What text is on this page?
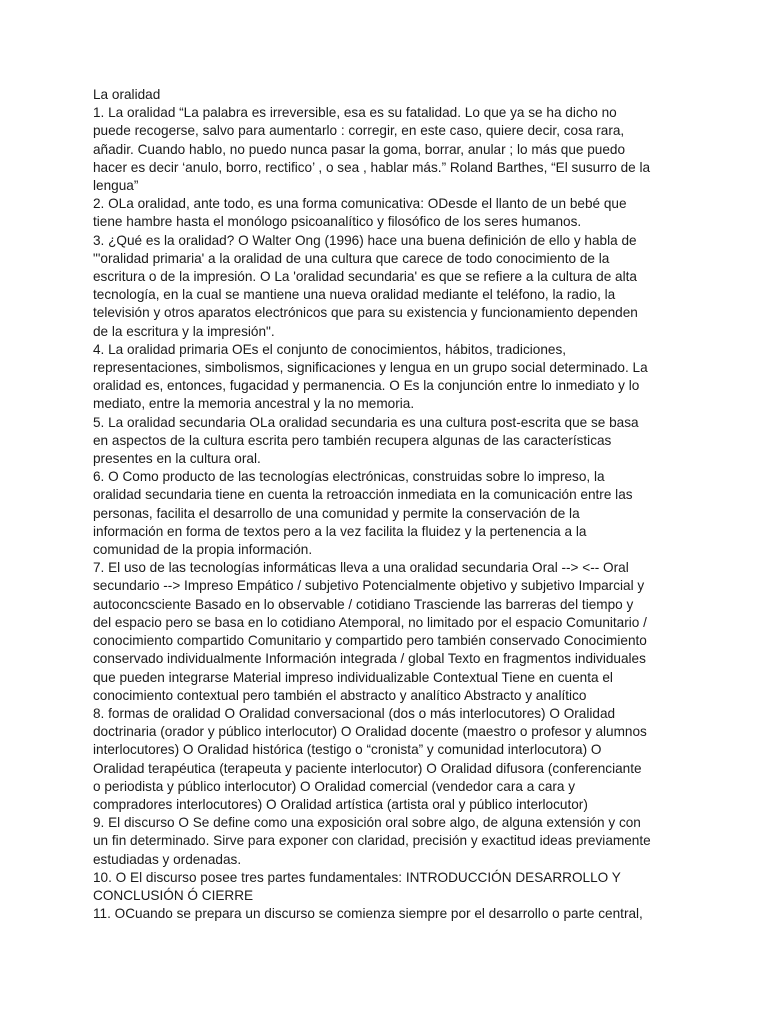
La oralidad

1. La oralidad “La palabra es irreversible, esa es su fatalidad. Lo que ya se ha dicho no
puede recogerse, salvo para aumentarlo : corregir, en este caso, quiere decir, cosa rara,
añadir. Cuando hablo, no puedo nunca pasar la goma, borrar, anular ; lo más que puedo
hacer es decir ‘anulo, borro, rectifico’ , o sea , hablar más.” Roland Barthes, “El susurro de la
lengua”

2. OLa oralidad, ante todo, es una forma comunicativa: ODesde el llanto de un bebé que
tiene hambre hasta el monólogo psicoanalítico y filosófico de los seres humanos.

3. ¿Qué es la oralidad? O Walter Ong (1996) hace una buena definición de ello y habla de
"'oralidad primaria' a la oralidad de una cultura que carece de todo conocimiento de la
escritura o de la impresión. O La 'oralidad secundaria' es que se refiere a la cultura de alta
tecnología, en la cual se mantiene una nueva oralidad mediante el teléfono, la radio, la
televisión y otros aparatos electrónicos que para su existencia y funcionamiento dependen
de la escritura y la impresión".

4. La oralidad primaria OEs el conjunto de conocimientos, hábitos, tradiciones,
representaciones, simbolismos, significaciones y lengua en un grupo social determinado. La
oralidad es, entonces, fugacidad y permanencia. O Es la conjunción entre lo inmediato y lo
mediato, entre la memoria ancestral y la no memoria.

5. La oralidad secundaria OLa oralidad secundaria es una cultura post-escrita que se basa
en aspectos de la cultura escrita pero también recupera algunas de las características
presentes en la cultura oral.

6. O Como producto de las tecnologías electrónicas, construidas sobre lo impreso, la
oralidad secundaria tiene en cuenta la retroacción inmediata en la comunicación entre las
personas, facilita el desarrollo de una comunidad y permite la conservación de la
información en forma de textos pero a la vez facilita la fluidez y la pertenencia a la
comunidad de la propia información.

7. El uso de las tecnologías informáticas lleva a una oralidad secundaria Oral --> <-- Oral
secundario --> Impreso Empático / subjetivo Potencialmente objetivo y subjetivo Imparcial y
autoconcsciente Basado en lo observable / cotidiano Trasciende las barreras del tiempo y
del espacio pero se basa en lo cotidiano Atemporal, no limitado por el espacio Comunitario /
conocimiento compartido Comunitario y compartido pero también conservado Conocimiento
conservado individualmente Información integrada / global Texto en fragmentos individuales
que pueden integrarse Material impreso individualizable Contextual Tiene en cuenta el
conocimiento contextual pero también el abstracto y analítico Abstracto y analítico

8. formas de oralidad O Oralidad conversacional (dos o más interlocutores) O Oralidad
doctrinaria (orador y público interlocutor) O Oralidad docente (maestro o profesor y alumnos
interlocutores) O Oralidad histórica (testigo o “cronista” y comunidad interlocutora) O
Oralidad terapéutica (terapeuta y paciente interlocutor) O Oralidad difusora (conferenciante
o periodista y público interlocutor) O Oralidad comercial (vendedor cara a cara y
compradores interlocutores) O Oralidad artística (artista oral y público interlocutor)

9. El discurso O Se define como una exposición oral sobre algo, de alguna extensión y con
un fin determinado. Sirve para exponer con claridad, precisión y exactitud ideas previamente
estudiadas y ordenadas.

10. O El discurso posee tres partes fundamentales: INTRODUCCIÓN DESARROLLO Y
CONCLUSIÓN Ó CIERRE

11. OCuando se prepara un discurso se comienza siempre por el desarrollo o parte central,
